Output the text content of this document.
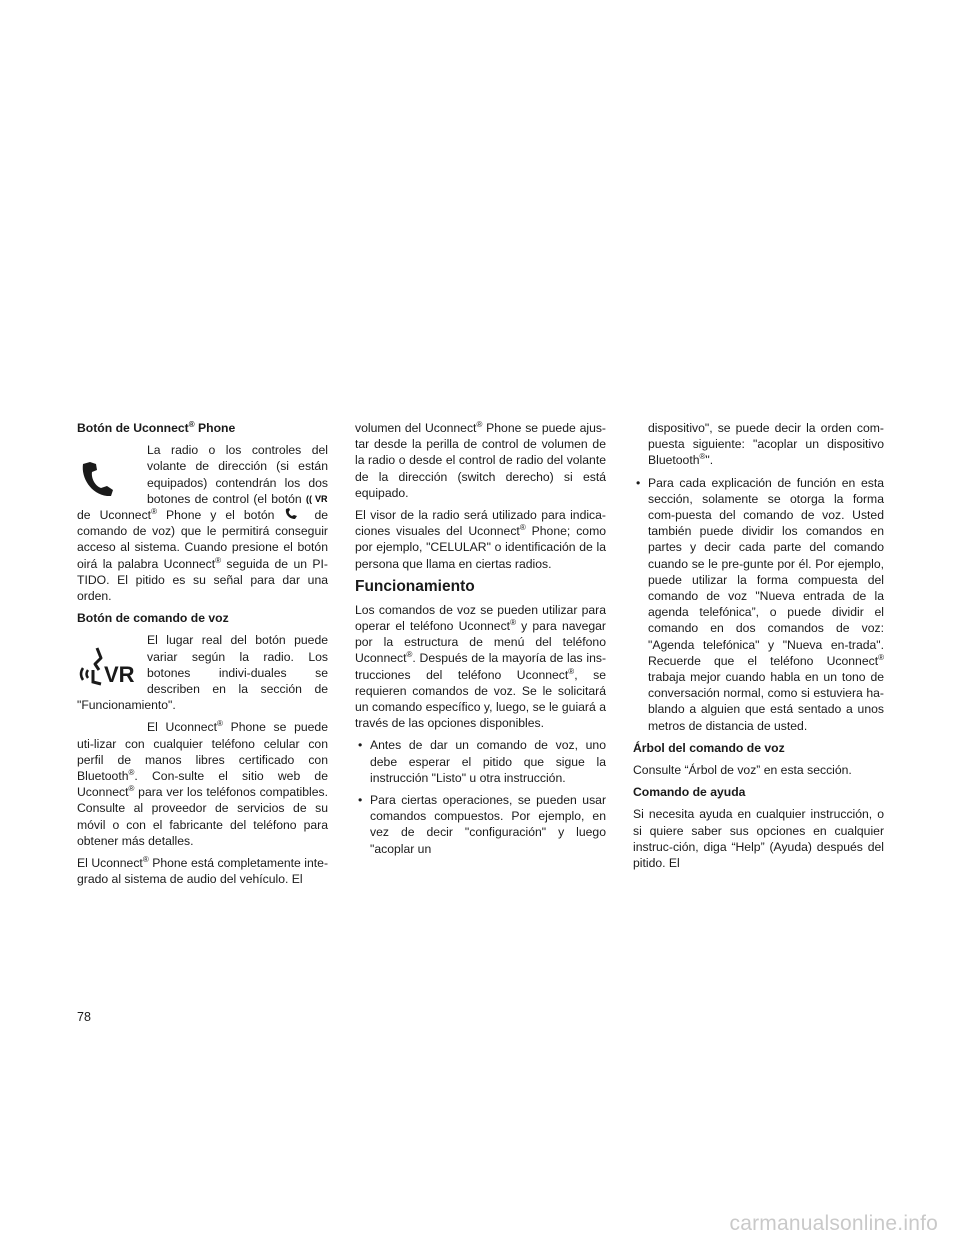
Botón de Uconnect® Phone

La radio o los controles del volante de dirección (si están equipados) contendrán los dos botones de control (el botón (( VR
de Uconnect® Phone y el botón	de comando de voz) que le permitirá conseguir acceso al sistema. Cuando presione el botón oirá la palabra Uconnect® seguida de un PI-TIDO. El pitido es su señal para dar una orden.

Botón de comando de voz

VR

El lugar real del botón puede variar según la radio. Los botones indivi-duales se describen en la sección de "Funcionamiento".

El Uconnect® Phone se puede uti-lizar con cualquier teléfono celular con perfil de manos libres certificado con Bluetooth®. Con-sulte el sitio web de Uconnect® para ver los teléfonos compatibles. Consulte al proveedor de servicios de su móvil o con el fabricante del teléfono para obtener más detalles.

El Uconnect® Phone está completamente inte-grado al sistema de audio del vehículo. El

volumen del Uconnect® Phone se puede ajus-tar desde la perilla de control de volumen de la radio o desde el control de radio del volante de la dirección (switch derecho) si está equipado.

El visor de la radio será utilizado para indica-ciones visuales del Uconnect® Phone; como por ejemplo, "CELULAR" o identificación de la persona que llama en ciertas radios.

Funcionamiento

Los comandos de voz se pueden utilizar para operar el teléfono Uconnect® y para navegar por la estructura de menú del teléfono Uconnect®. Después de la mayoría de las ins-trucciones del teléfono Uconnect®, se requieren comandos de voz. Se le solicitará un comando específico y, luego, se le guiará a través de las opciones disponibles.

• Antes de dar un comando de voz, uno debe esperar el pitido que sigue la instrucción "Listo" u otra instrucción.
• Para ciertas operaciones, se pueden usar comandos compuestos. Por ejemplo, en vez de decir "configuración" y luego "acoplar un

dispositivo", se puede decir la orden com-puesta siguiente: "acoplar un dispositivo Bluetooth®".

• Para cada explicación de función en esta sección, solamente se otorga la forma com-puesta del comando de voz. Usted también puede dividir los comandos en partes y decir cada parte del comando cuando se le pre-gunte por él. Por ejemplo, puede utilizar la forma compuesta del comando de voz "Nueva entrada de la agenda telefónica”, o puede dividir el comando en dos comandos de voz: "Agenda telefónica" y "Nueva en-trada". Recuerde que el teléfono Uconnect® trabaja mejor cuando habla en un tono de conversación normal, como si estuviera ha-blando a alguien que está sentado a unos metros de distancia de usted.

Árbol del comando de voz

Consulte “Árbol de voz” en esta sección.

Comando de ayuda

Si necesita ayuda en cualquier instrucción, o si quiere saber sus opciones en cualquier instruc-ción, diga “Help” (Ayuda) después del pitido. El

78
carmanualsonline.info
